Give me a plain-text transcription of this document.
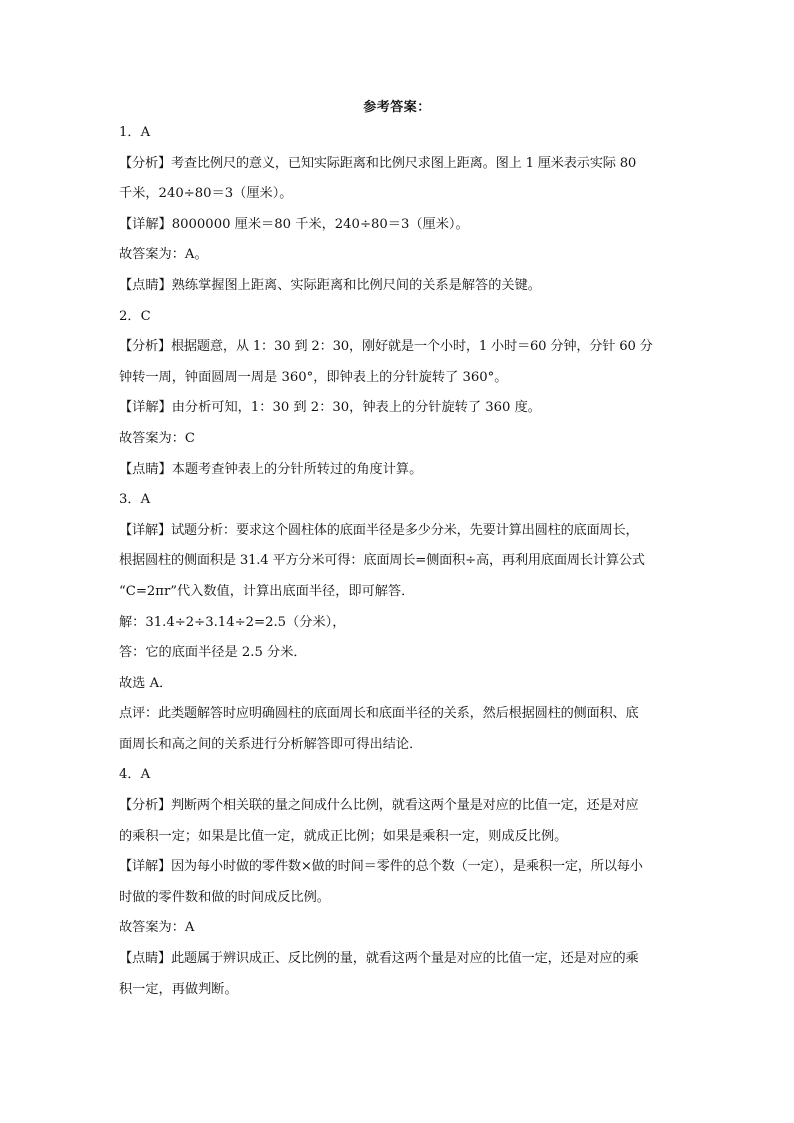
参考答案：
1．A
【分析】考查比例尺的意义，已知实际距离和比例尺求图上距离。图上 1 厘米表示实际 80
千米，240÷80＝3（厘米）。
【详解】8000000 厘米＝80 千米，240÷80＝3（厘米）。
故答案为：A。
【点睛】熟练掌握图上距离、实际距离和比例尺间的关系是解答的关键。
2．C
【分析】根据题意，从 1：30 到 2：30，刚好就是一个小时，1 小时＝60 分钟，分针 60 分
钟转一周，钟面圆周一周是 360°，即钟表上的分针旋转了 360°。
【详解】由分析可知，1：30 到 2：30，钟表上的分针旋转了 360 度。
故答案为：C
【点睛】本题考查钟表上的分针所转过的角度计算。
3．A
【详解】试题分析：要求这个圆柱体的底面半径是多少分米，先要计算出圆柱的底面周长，
根据圆柱的侧面积是 31.4 平方分米可得：底面周长=侧面积÷高，再利用底面周长计算公式
“C=2πr”代入数值，计算出底面半径，即可解答．
解：31.4÷2÷3.14÷2=2.5（分米），
答：它的底面半径是 2.5 分米．
故选 A．
点评：此类题解答时应明确圆柱的底面周长和底面半径的关系，然后根据圆柱的侧面积、底
面周长和高之间的关系进行分析解答即可得出结论．
4．A
【分析】判断两个相关联的量之间成什么比例，就看这两个量是对应的比值一定，还是对应
的乘积一定；如果是比值一定，就成正比例；如果是乘积一定，则成反比例。
【详解】因为每小时做的零件数×做的时间＝零件的总个数（一定），是乘积一定，所以每小
时做的零件数和做的时间成反比例。
故答案为：A
【点睛】此题属于辨识成正、反比例的量，就看这两个量是对应的比值一定，还是对应的乘
积一定，再做判断。
